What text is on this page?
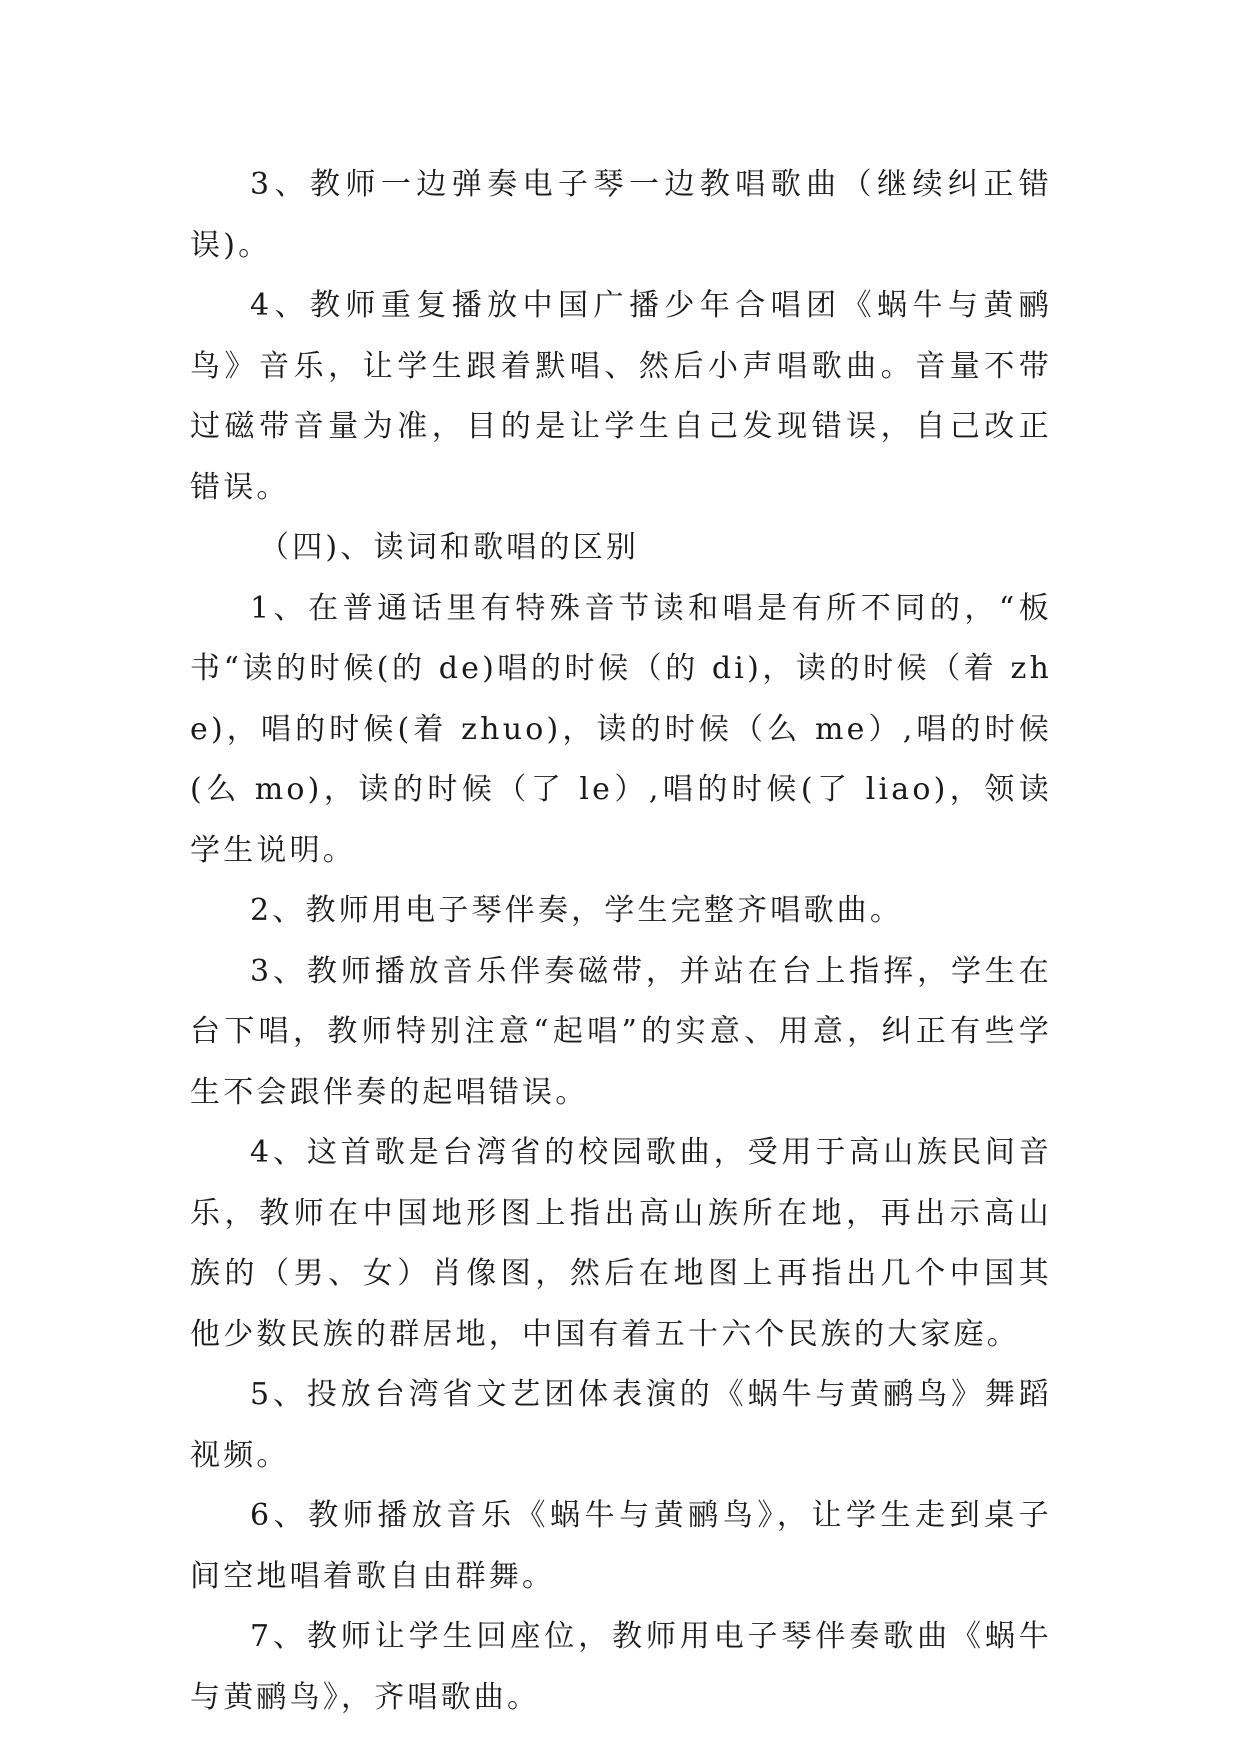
3、教师一边弹奏电子琴一边教唱歌曲（继续纠正错误)。

4、教师重复播放中国广播少年合唱团《蜗牛与黄鹂鸟》音乐，让学生跟着默唱、然后小声唱歌曲。音量不带过磁带音量为准，目的是让学生自己发现错误，自己改正错误。

（四)、读词和歌唱的区别

1、在普通话里有特殊音节读和唱是有所不同的，“板书“读的时候(的 de)唱的时候（的 di)，读的时候（着 zhe)，唱的时候(着 zhuo)，读的时候（么 me）,唱的时候(么 mo)，读的时候（了 le）,唱的时候(了 liao)，领读学生说明。

2、教师用电子琴伴奏，学生完整齐唱歌曲。

3、教师播放音乐伴奏磁带，并站在台上指挥，学生在台下唱，教师特别注意“起唱”的实意、用意，纠正有些学生不会跟伴奏的起唱错误。

4、这首歌是台湾省的校园歌曲，受用于高山族民间音乐，教师在中国地形图上指出高山族所在地，再出示高山族的（男、女）肖像图，然后在地图上再指出几个中国其他少数民族的群居地，中国有着五十六个民族的大家庭。

5、投放台湾省文艺团体表演的《蜗牛与黄鹂鸟》舞蹈视频。

6、教师播放音乐《蜗牛与黄鹂鸟》，让学生走到桌子间空地唱着歌自由群舞。

7、教师让学生回座位，教师用电子琴伴奏歌曲《蜗牛与黄鹂鸟》，齐唱歌曲。
